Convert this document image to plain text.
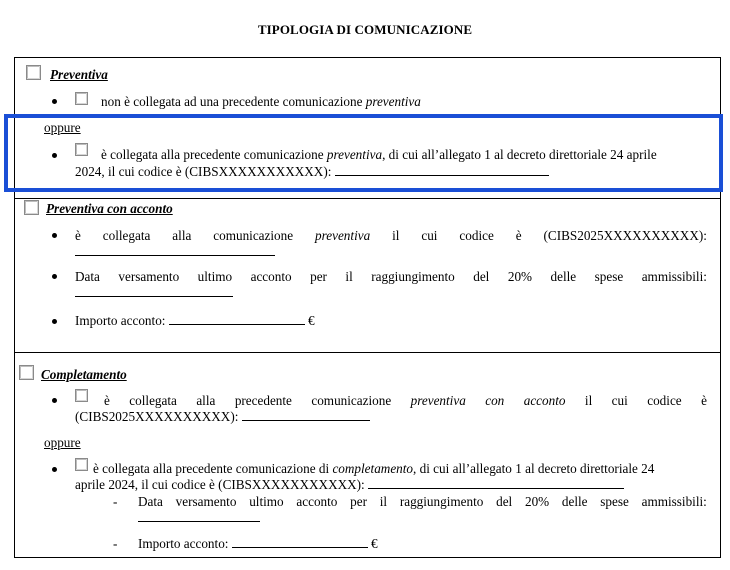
TIPOLOGIA DI COMUNICAZIONE
Preventiva
non è collegata ad una precedente comunicazione preventiva
oppure
è collegata alla precedente comunicazione preventiva, di cui all’allegato 1 al decreto direttoriale 24 aprile
2024, il cui codice è (CIBSXXXXXXXXXXX):
Preventiva con acconto
è collegata alla comunicazione preventiva il cui codice è (CIBS2025XXXXXXXXXX):
Data versamento ultimo acconto per il raggiungimento del 20% delle spese ammissibili:
Importo acconto:	€
Completamento
è collegata alla precedente comunicazione preventiva con acconto il cui codice è
(CIBS2025XXXXXXXXXX):
oppure
è collegata alla precedente comunicazione di completamento, di cui all’allegato 1 al decreto direttoriale 24
aprile 2024, il cui codice è (CIBSXXXXXXXXXXX):
- Data versamento ultimo acconto per il raggiungimento del 20% delle spese ammissibili:
- Importo acconto:	€
